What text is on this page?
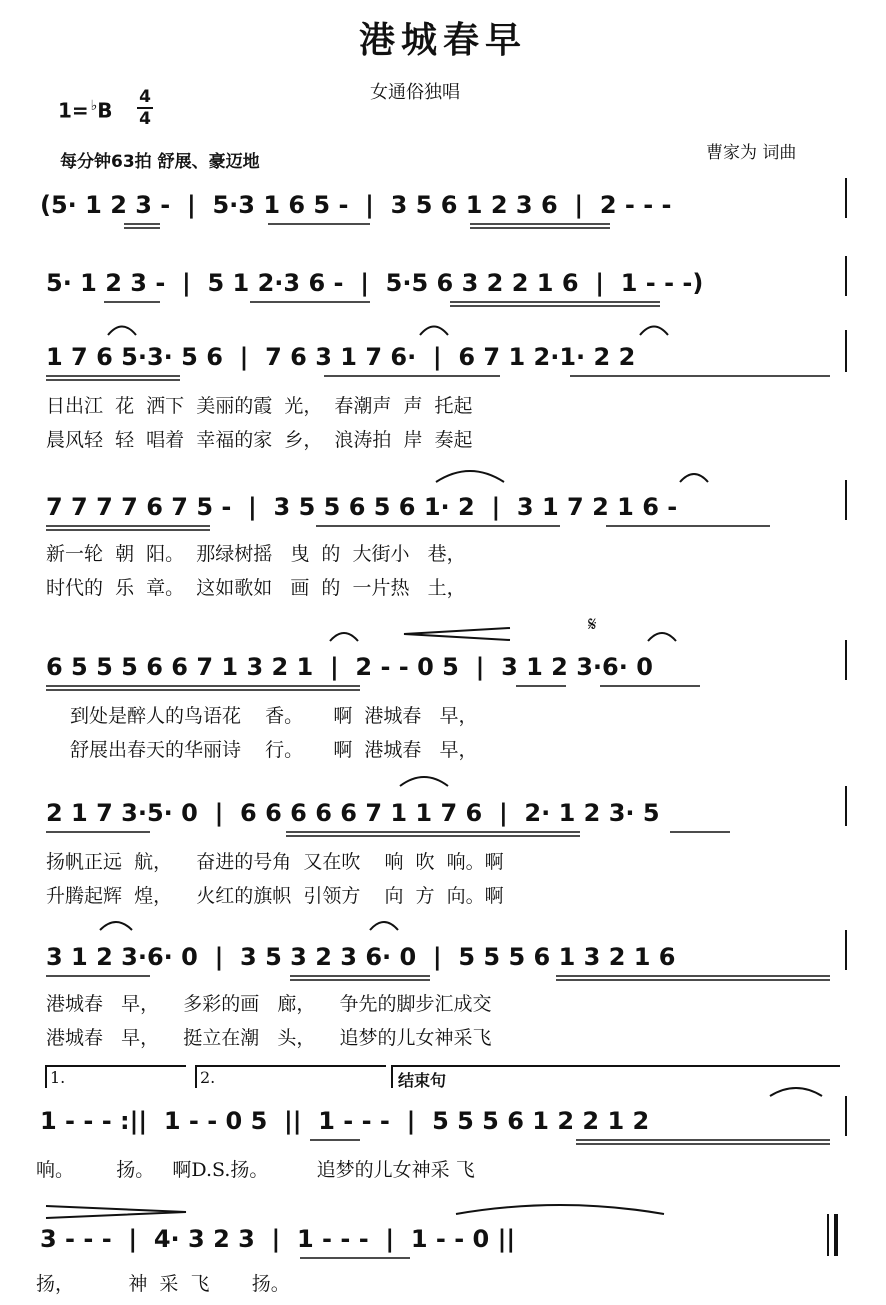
港城春早
女通俗独唱
1= ♭B
4
4
每分钟63拍 舒展、豪迈地	曹家为 词曲
(5· 1 2 3 -  |  5·3 1 6 5 -  |  3 5 6 1 2 3 6  |  2 - - -
5· 1 2 3 -  |  5 1 2·3 6 -  |  5·5 6 3 2 2 1 6  |  1 - - -)
1 7 6 5·3· 5 6  |  7 6 3 1 7 6·  |  6 7 1 2·1· 2 2
日出江  花  洒下  美丽的霞  光，  春潮声  声  托起
晨风轻  轻  唱着  幸福的家  乡，  浪涛拍  岸  奏起
7 7 7 7 6 7 5 -  |  3 5 5 6 5 6 1· 2  |  3 1 7 2 1 6 -
新一轮  朝  阳。  那绿树摇   曳  的  大街小   巷，
时代的  乐  章。  这如歌如   画  的  一片热   土，
𝄋
6 5 5 5 6 6 7 1 3 2 1  |  2 - - 0 5  |  3 1 2 3·6· 0
到处是醉人的鸟语花    香。     啊  港城春   早，
舒展出春天的华丽诗    行。     啊  港城春   早，
2 1 7 3·5· 0  |  6 6 6 6 6 7 1 1 7 6  |  2· 1 2 3· 5
扬帆正远  航，    奋进的号角  又在吹    响  吹  响。啊
升腾起辉  煌，    火红的旗帜  引领方    向  方  向。啊
3 1 2 3·6· 0  |  3 5 3 2 3 6· 0  |  5 5 5 6 1 3 2 1 6
港城春   早，    多彩的画   廊，    争先的脚步汇成交
港城春   早，    挺立在潮   头，    追梦的儿女神采飞
1.	2.	结束句
1 - - - :||  1 - - 0 5  ||  1 - - -  |  5 5 5 6 1 2 2 1 2
响。       扬。   啊D.S.扬。        追梦的儿女神采 飞
3 - - -  |  4· 3 2 3  |  1 - - -  |  1 - - 0 ||
扬，         神  采  飞       扬。
